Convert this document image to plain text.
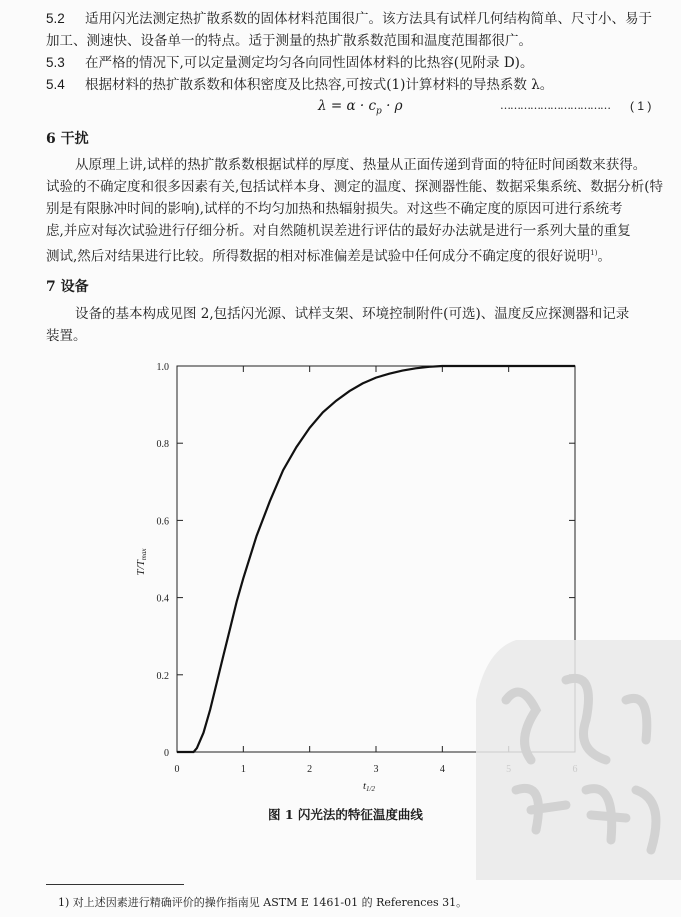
5.2 适用闪光法测定热扩散系数的固体材料范围很广。该方法具有试样几何结构简单、尺寸小、易于
加工、测速快、设备单一的特点。适于测量的热扩散系数范围和温度范围都很广。
5.3 在严格的情况下,可以定量测定均匀各向同性固体材料的比热容(见附录 D)。
5.4 根据材料的热扩散系数和体积密度及比热容,可按式(1)计算材料的导热系数 λ。
$\lambda = \alpha \cdot c_p \cdot \rho$	…………………………… ( 1 )
6 干扰
从原理上讲,试样的热扩散系数根据试样的厚度、热量从正面传递到背面的特征时间函数来获得。
试验的不确定度和很多因素有关,包括试样本身、测定的温度、探测器性能、数据采集系统、数据分析(特
别是有限脉冲时间的影响),试样的不均匀加热和热辐射损失。对这些不确定度的原因可进行系统考
虑,并应对每次试验进行仔细分析。对自然随机误差进行评估的最好办法就是进行一系列大量的重复
测试,然后对结果进行比较。所得数据的相对标准偏差是试验中任何成分不确定度的很好说明$^{1)}$。
7 设备
设备的基本构成见图 2,包括闪光源、试样支架、环境控制附件(可选)、温度反应探测器和记录
装置。
0
0.2
0.4
0.6
0.8
1.0
0	1	2	3	4
t1/2
T/Tmax
图 1 闪光法的特征温度曲线
1) 对上述因素进行精确评价的操作指南见 ASTM E 1461-01 的 References 31。
